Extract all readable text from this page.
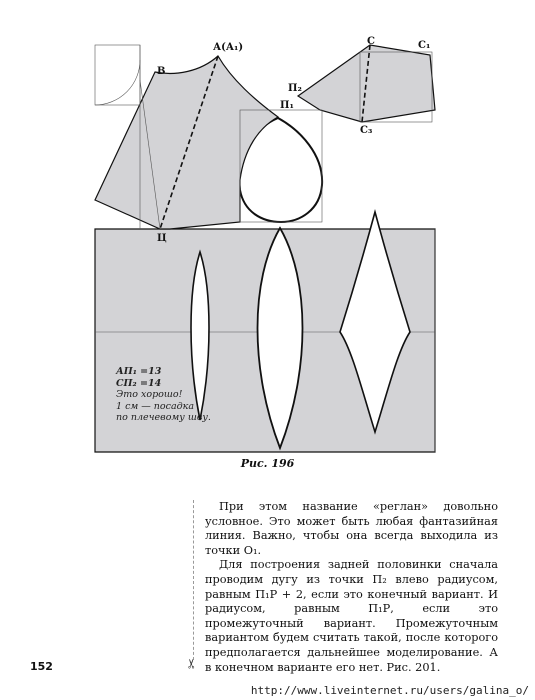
А(А₁)
В
П₂
П₁
С	С₁
С₃
Ц
АП₁ =13
СП₂ =14
Это хорошо!
1 см — посадка
по плечевому шву.
Рис. 196

При этом название «реглан» довольно условное. Это может быть любая фантазийная линия. Важно, чтобы она всегда выходила из точки О₁.

Для построения задней половинки сначала проводим дугу из точки П₂ влево радиусом, равным П₁Р + 2, если это конечный вариант. И радиусом, равным П₁Р, если это промежуточный вариант. Промежуточным вариантом будем считать такой, после которого предполагается дальнейшее моделирование. А в конечном варианте его нет. Рис. 201.

152	✂
http://www.liveinternet.ru/users/galina_o/
